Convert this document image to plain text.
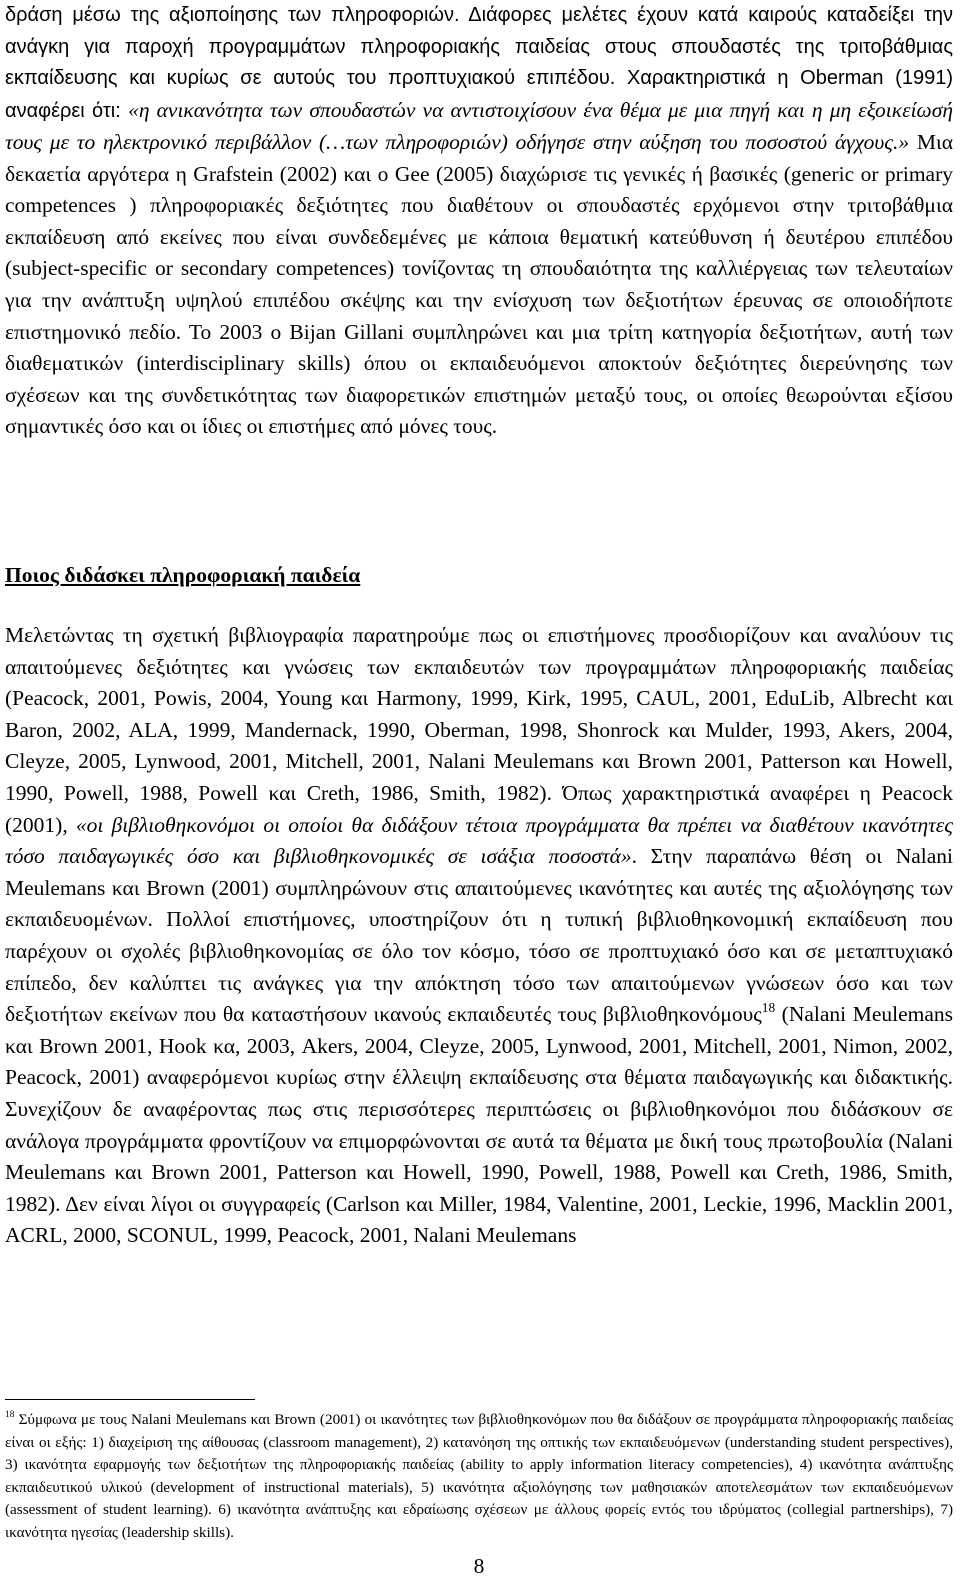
δράση μέσω της αξιοποίησης των πληροφοριών. Διάφορες μελέτες έχουν κατά καιρούς καταδείξει την ανάγκη για παροχή προγραμμάτων πληροφοριακής παιδείας στους σπουδαστές της τριτοβάθμιας εκπαίδευσης και κυρίως σε αυτούς του προπτυχιακού επιπέδου. Χαρακτηριστικά η Oberman (1991) αναφέρει ότι: «η ανικανότητα των σπουδαστών να αντιστοιχίσουν ένα θέμα με μια πηγή και η μη εξοικείωσή τους με το ηλεκτρονικό περιβάλλον (…των πληροφοριών) οδήγησε στην αύξηση του ποσοστού άγχους.» Μια δεκαετία αργότερα η Grafstein (2002) και ο Gee (2005) διαχώρισε τις γενικές ή βασικές (generic or primary competences ) πληροφοριακές δεξιότητες που διαθέτουν οι σπουδαστές ερχόμενοι στην τριτοβάθμια εκπαίδευση από εκείνες που είναι συνδεδεμένες με κάποια θεματική κατεύθυνση ή δευτέρου επιπέδου (subject-specific or secondary competences) τονίζοντας τη σπουδαιότητα της καλλιέργειας των τελευταίων για την ανάπτυξη υψηλού επιπέδου σκέψης και την ενίσχυση των δεξιοτήτων έρευνας σε οποιοδήποτε επιστημονικό πεδίο. Το 2003 ο Bijan Gillani συμπληρώνει και μια τρίτη κατηγορία δεξιοτήτων, αυτή των διαθεματικών (interdisciplinary skills) όπου οι εκπαιδευόμενοι αποκτούν δεξιότητες διερεύνησης των σχέσεων και της συνδετικότητας των διαφορετικών επιστημών μεταξύ τους, οι οποίες θεωρούνται εξίσου σημαντικές όσο και οι ίδιες οι επιστήμες από μόνες τους.

Ποιος διδάσκει πληροφοριακή παιδεία

Μελετώντας τη σχετική βιβλιογραφία παρατηρούμε πως οι επιστήμονες προσδιορίζουν και αναλύουν τις απαιτούμενες δεξιότητες και γνώσεις των εκπαιδευτών των προγραμμάτων πληροφοριακής παιδείας (Peacock, 2001, Powis, 2004, Young και Harmony, 1999, Kirk, 1995, CAUL, 2001, EduLib, Albrecht και Baron, 2002, ALA, 1999, Mandernack, 1990, Oberman, 1998, Shonrock και Mulder, 1993, Akers, 2004, Cleyze, 2005, Lynwood, 2001, Mitchell, 2001, Nalani Meulemans και Brown 2001, Patterson και Howell, 1990, Powell, 1988, Powell και Creth, 1986, Smith, 1982). Όπως χαρακτηριστικά αναφέρει η Peacock (2001), «οι βιβλιοθηκονόμοι οι οποίοι θα διδάξουν τέτοια προγράμματα θα πρέπει να διαθέτουν ικανότητες τόσο παιδαγωγικές όσο και βιβλιοθηκονομικές σε ισάξια ποσοστά». Στην παραπάνω θέση οι Nalani Meulemans και Brown (2001) συμπληρώνουν στις απαιτούμενες ικανότητες και αυτές της αξιολόγησης των εκπαιδευομένων. Πολλοί επιστήμονες, υποστηρίζουν ότι η τυπική βιβλιοθηκονομική εκπαίδευση που παρέχουν οι σχολές βιβλιοθηκονομίας σε όλο τον κόσμο, τόσο σε προπτυχιακό όσο και σε μεταπτυχιακό επίπεδο, δεν καλύπτει τις ανάγκες για την απόκτηση τόσο των απαιτούμενων γνώσεων όσο και των δεξιοτήτων εκείνων που θα καταστήσουν ικανούς εκπαιδευτές τους βιβλιοθηκονόμους$^{18}$ (Nalani Meulemans και Brown 2001, Hook κα, 2003, Akers, 2004, Cleyze, 2005, Lynwood, 2001, Mitchell, 2001, Nimon, 2002, Peacock, 2001) αναφερόμενοι κυρίως στην έλλειψη εκπαίδευσης στα θέματα παιδαγωγικής και διδακτικής. Συνεχίζουν δε αναφέροντας πως στις περισσότερες περιπτώσεις οι βιβλιοθηκονόμοι που διδάσκουν σε ανάλογα προγράμματα φροντίζουν να επιμορφώνονται σε αυτά τα θέματα με δική τους πρωτοβουλία (Nalani Meulemans και Brown 2001, Patterson και Howell, 1990, Powell, 1988, Powell και Creth, 1986, Smith, 1982). Δεν είναι λίγοι οι συγγραφείς (Carlson και Miller, 1984, Valentine, 2001, Leckie, 1996, Macklin 2001, ACRL, 2000, SCONUL, 1999, Peacock, 2001, Nalani Meulemans

$^{18}$ Σύμφωνα με τους Nalani Meulemans και Brown (2001) οι ικανότητες των βιβλιοθηκονόμων που θα διδάξουν σε προγράμματα πληροφοριακής παιδείας είναι οι εξής: 1) διαχείριση της αίθουσας (classroom management), 2) κατανόηση της οπτικής των εκπαιδευόμενων (understanding student perspectives), 3) ικανότητα εφαρμογής των δεξιοτήτων της πληροφοριακής παιδείας (ability to apply information literacy competencies), 4) ικανότητα ανάπτυξης εκπαιδευτικού υλικού (development of instructional materials), 5) ικανότητα αξιολόγησης των μαθησιακών αποτελεσμάτων των εκπαιδευόμενων (assessment of student learning). 6) ικανότητα ανάπτυξης και εδραίωσης σχέσεων με άλλους φορείς εντός του ιδρύματος (collegial partnerships), 7) ικανότητα ηγεσίας (leadership skills).

8
